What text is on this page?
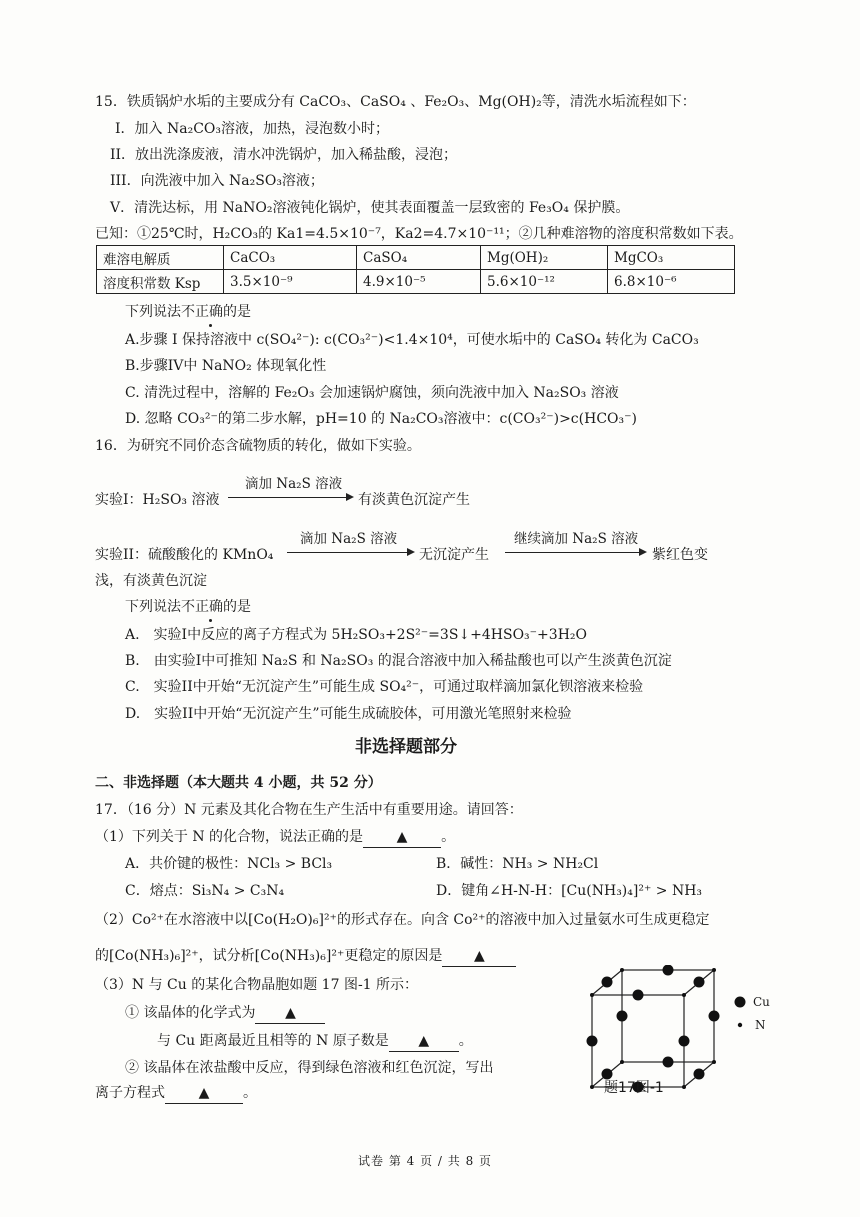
15．铁质锅炉水垢的主要成分有 CaCO₃、CaSO₄ 、Fe₂O₃、Mg(OH)₂等，清洗水垢流程如下：
I．加入 Na₂CO₃溶液，加热，浸泡数小时；
II．放出洗涤废液，清水冲洗锅炉，加入稀盐酸，浸泡；
III．向洗液中加入 Na₂SO₃溶液；
V．清洗达标，用 NaNO₂溶液钝化锅炉，使其表面覆盖一层致密的 Fe₃O₄ 保护膜。
已知：①25℃时，H₂CO₃的 Ka1=4.5×10⁻⁷，Ka2=4.7×10⁻¹¹；②几种难溶物的溶度积常数如下表。
难溶电解质	CaCO₃	CaSO₄	Mg(OH)₂	MgCO₃
溶度积常数 Ksp	3.5×10⁻⁹	4.9×10⁻⁵	5.6×10⁻¹²	6.8×10⁻⁶
下列说法不正确的是
A.步骤 I 保持溶液中 c(SO₄²⁻): c(CO₃²⁻)<1.4×10⁴，可使水垢中的 CaSO₄ 转化为 CaCO₃
B.步骤IV中 NaNO₂ 体现氧化性
C. 清洗过程中，溶解的 Fe₂O₃ 会加速锅炉腐蚀，须向洗液中加入 Na₂SO₃ 溶液
D. 忽略 CO₃²⁻的第二步水解，pH=10 的 Na₂CO₃溶液中：c(CO₃²⁻)>c(HCO₃⁻)
16．为研究不同价态含硫物质的转化，做如下实验。
滴加 Na₂S 溶液
实验I：H₂SO₃ 溶液	有淡黄色沉淀产生
滴加 Na₂S 溶液	继续滴加 Na₂S 溶液
实验II：硫酸酸化的 KMnO₄	无沉淀产生	紫红色变
浅，有淡黄色沉淀
下列说法不正确的是
A.　实验I中反应的离子方程式为 5H₂SO₃+2S²⁻=3S↓+4HSO₃⁻+3H₂O
B.　由实验I中可推知 Na₂S 和 Na₂SO₃ 的混合溶液中加入稀盐酸也可以产生淡黄色沉淀
C.　实验II中开始“无沉淀产生”可能生成 SO₄²⁻，可通过取样滴加氯化钡溶液来检验
D.　实验II中开始“无沉淀产生”可能生成硫胶体，可用激光笔照射来检验
非选择题部分
二、非选择题（本大题共 4 小题，共 52 分）
17．（16 分）N 元素及其化合物在生产生活中有重要用途。请回答：
（1）下列关于 N 的化合物，说法正确的是 ▲ 。
A．共价键的极性：NCl₃ > BCl₃	B．碱性：NH₃ > NH₂Cl
C．熔点：Si₃N₄ > C₃N₄	D．键角∠H-N-H：[Cu(NH₃)₄]²⁺ > NH₃
（2）Co²⁺在水溶液中以[Co(H₂O)₆]²⁺的形式存在。向含 Co²⁺的溶液中加入过量氨水可生成更稳定
的[Co(NH₃)₆]²⁺，试分析[Co(NH₃)₆]²⁺更稳定的原因是 ▲
（3）N 与 Cu 的某化合物晶胞如题 17 图-1 所示：
① 该晶体的化学式为 ▲
与 Cu 距离最近且相等的 N 原子数是 ▲ 。
② 该晶体在浓盐酸中反应，得到绿色溶液和红色沉淀，写出
离子方程式 ▲ 。
Cu
N
题17图-1
试卷 第 4 页 / 共 8 页
